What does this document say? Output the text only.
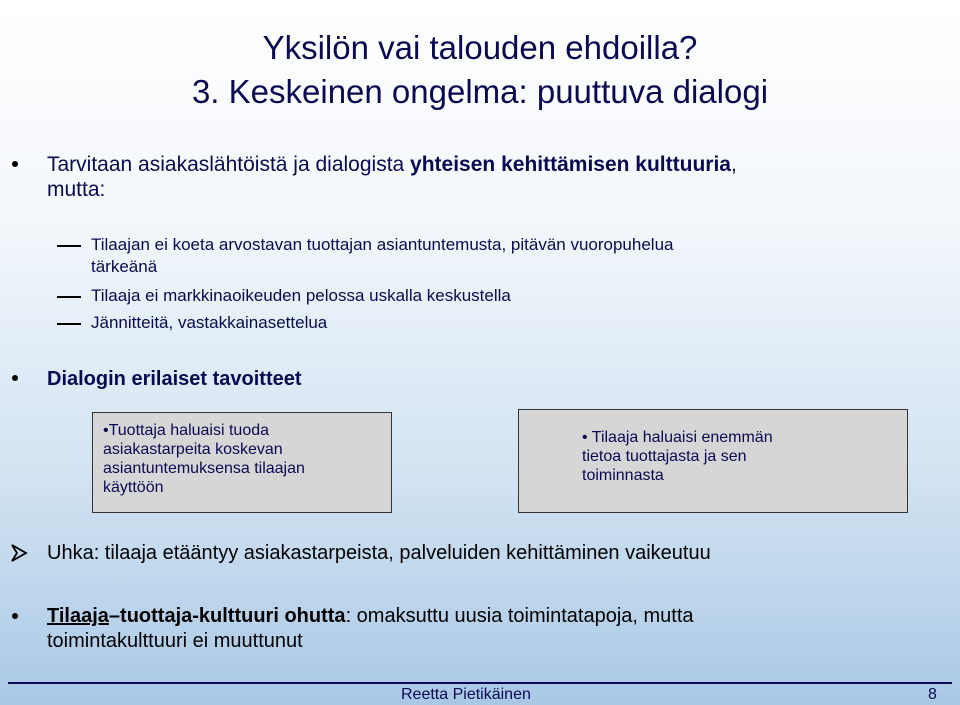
Yksilön vai talouden ehdoilla?
3. Keskeinen ongelma: puuttuva dialogi
Tarvitaan asiakaslähtöistä ja dialogista yhteisen kehittämisen kulttuuria,
mutta:
Tilaajan ei koeta arvostavan tuottajan asiantuntemusta, pitävän vuoropuhelua
tärkeänä
Tilaaja ei markkinaoikeuden pelossa uskalla keskustella
Jännitteitä, vastakkainasettelua
Dialogin erilaiset tavoitteet
•Tuottaja haluaisi tuoda
asiakastarpeita koskevan
asiantuntemuksensa tilaajan
käyttöön
• Tilaaja haluaisi enemmän
tietoa tuottajasta ja sen
toiminnasta
Uhka: tilaaja etääntyy asiakastarpeista, palveluiden kehittäminen vaikeutuu
Tilaaja–tuottaja-kulttuuri ohutta: omaksuttu uusia toimintatapoja, mutta
toimintakulttuuri ei muuttunut
Reetta Pietikäinen	8
